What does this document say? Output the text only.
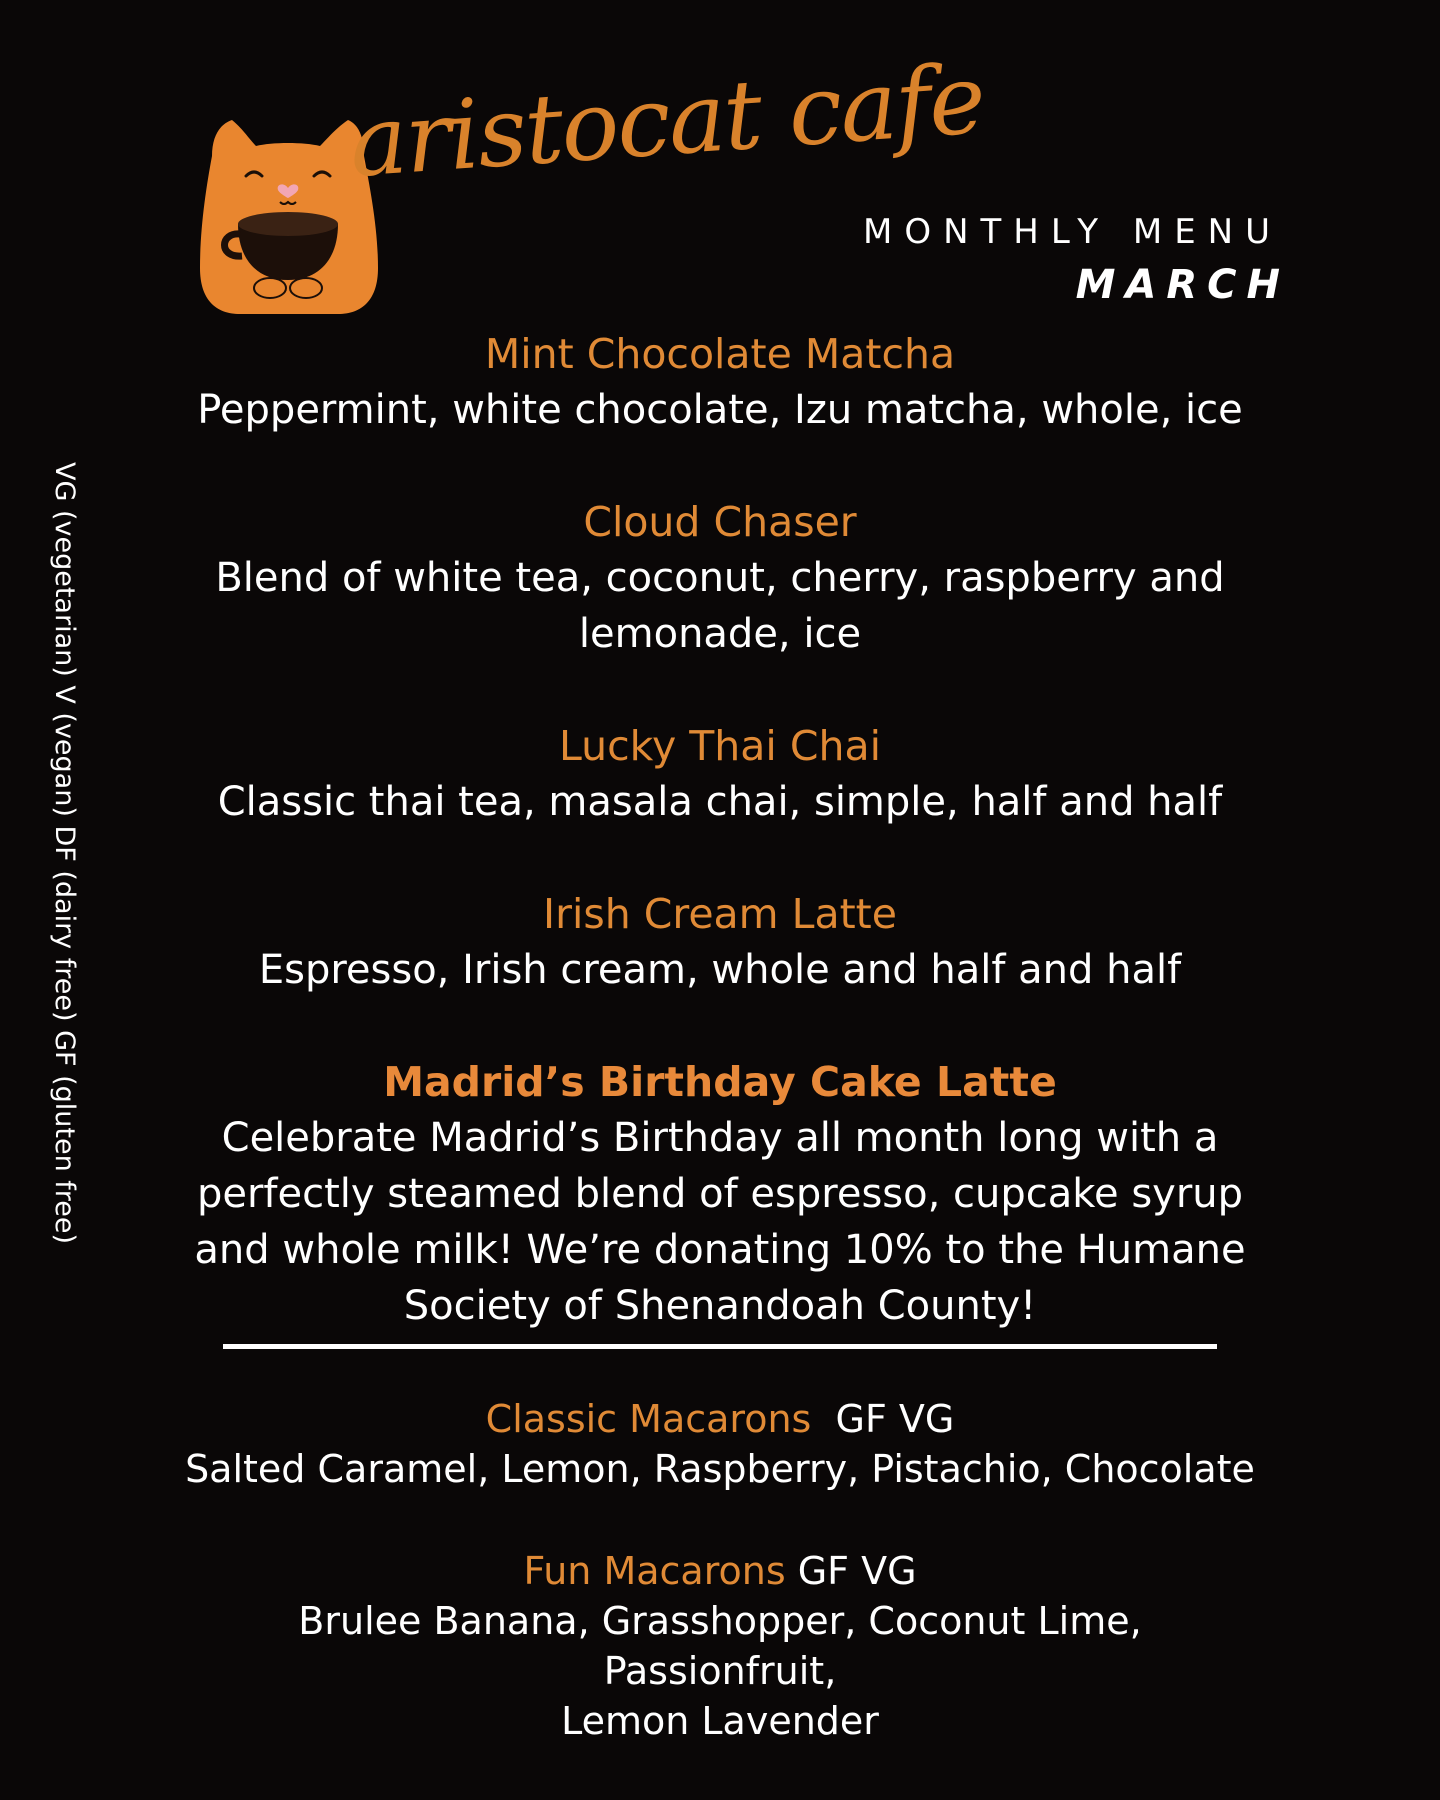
aristocat cafe
MONTHLY MENU
MARCH
VG (vegetarian) V (vegan) DF (dairy free) GF (gluten free)
Mint Chocolate Matcha
Peppermint, white chocolate, Izu matcha, whole, ice
Cloud Chaser
Blend of white tea, coconut, cherry, raspberry and
lemonade, ice
Lucky Thai Chai
Classic thai tea, masala chai, simple, half and half
Irish Cream Latte
Espresso, Irish cream, whole and half and half
Madrid’s Birthday Cake Latte
Celebrate Madrid’s Birthday all month long with a
perfectly steamed blend of espresso, cupcake syrup
and whole milk! We’re donating 10% to the Humane
Society of Shenandoah County!
Classic Macarons GF VG
Salted Caramel, Lemon, Raspberry, Pistachio, Chocolate
Fun Macarons GF VG
Brulee Banana, Grasshopper, Coconut Lime, Passionfruit,
Lemon Lavender
